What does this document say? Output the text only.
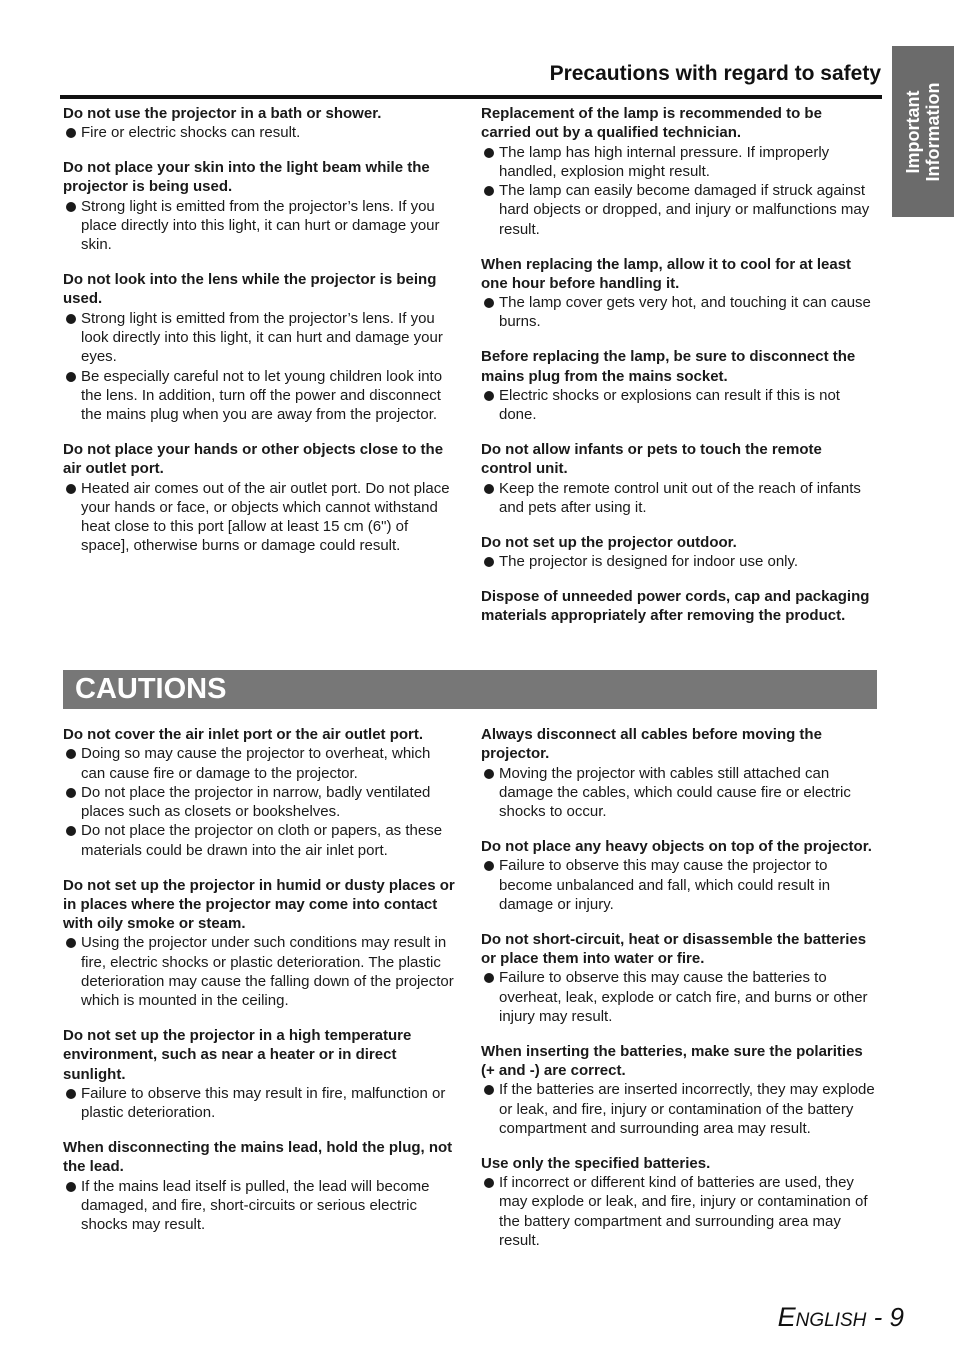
Important Information
Precautions with regard to safety
Do not use the projector in a bath or shower.
Fire or electric shocks can result.
Do not place your skin into the light beam while the projector is being used.
Strong light is emitted from the projector’s lens. If you place directly into this light, it can hurt or damage your skin.
Do not look into the lens while the projector is being used.
Strong light is emitted from the projector’s lens. If you look directly into this light, it can hurt and damage your eyes.
Be especially careful not to let young children look into the lens. In addition, turn off the power and disconnect the mains plug when you are away from the projector.
Do not place your hands or other objects close to the air outlet port.
Heated air comes out of the air outlet port. Do not place your hands or face, or objects which cannot withstand heat close to this port [allow at least 15 cm (6") of space], otherwise burns or damage could result.
Replacement of the lamp is recommended to be carried out by a qualified technician.
The lamp has high internal pressure. If improperly handled, explosion might result.
The lamp can easily become damaged if struck against hard objects or dropped, and injury or malfunctions may result.
When replacing the lamp, allow it to cool for at least one hour before handling it.
The lamp cover gets very hot, and touching it can cause burns.
Before replacing the lamp, be sure to disconnect the mains plug from the mains socket.
Electric shocks or explosions can result if this is not done.
Do not allow infants or pets to touch the remote control unit.
Keep the remote control unit out of the reach of infants and pets after using it.
Do not set up the projector outdoor.
The projector is designed for indoor use only.
Dispose of unneeded power cords, cap and packaging materials appropriately after removing the product.
CAUTIONS
Do not cover the air inlet port or the air outlet port.
Doing so may cause the projector to overheat, which can cause fire or damage to the projector.
Do not place the projector in narrow, badly ventilated places such as closets or bookshelves.
Do not place the projector on cloth or papers, as these materials could be drawn into the air inlet port.
Do not set up the projector in humid or dusty places or in places where the projector may come into contact with oily smoke or steam.
Using the projector under such conditions may result in fire, electric shocks or plastic deterioration. The plastic deterioration may cause the falling down of the projector which is mounted in the ceiling.
Do not set up the projector in a high temperature environment, such as near a heater or in direct sunlight.
Failure to observe this may result in fire, malfunction or plastic deterioration.
When disconnecting the mains lead, hold the plug, not the lead.
If the mains lead itself is pulled, the lead will become damaged, and fire, short-circuits or serious electric shocks may result.
Always disconnect all cables before moving the projector.
Moving the projector with cables still attached can damage the cables, which could cause fire or electric shocks to occur.
Do not place any heavy objects on top of the projector.
Failure to observe this may cause the projector to become unbalanced and fall, which could result in damage or injury.
Do not short-circuit, heat or disassemble the batteries or place them into water or fire.
Failure to observe this may cause the batteries to overheat, leak, explode or catch fire, and burns or other injury may result.
When inserting the batteries, make sure the polarities (+ and -) are correct.
If the batteries are inserted incorrectly, they may explode or leak, and fire, injury or contamination of the battery compartment and surrounding area may result.
Use only the specified batteries.
If incorrect or different kind of batteries are used, they may explode or leak, and fire, injury or contamination of the battery compartment and surrounding area may result.
English - 9
